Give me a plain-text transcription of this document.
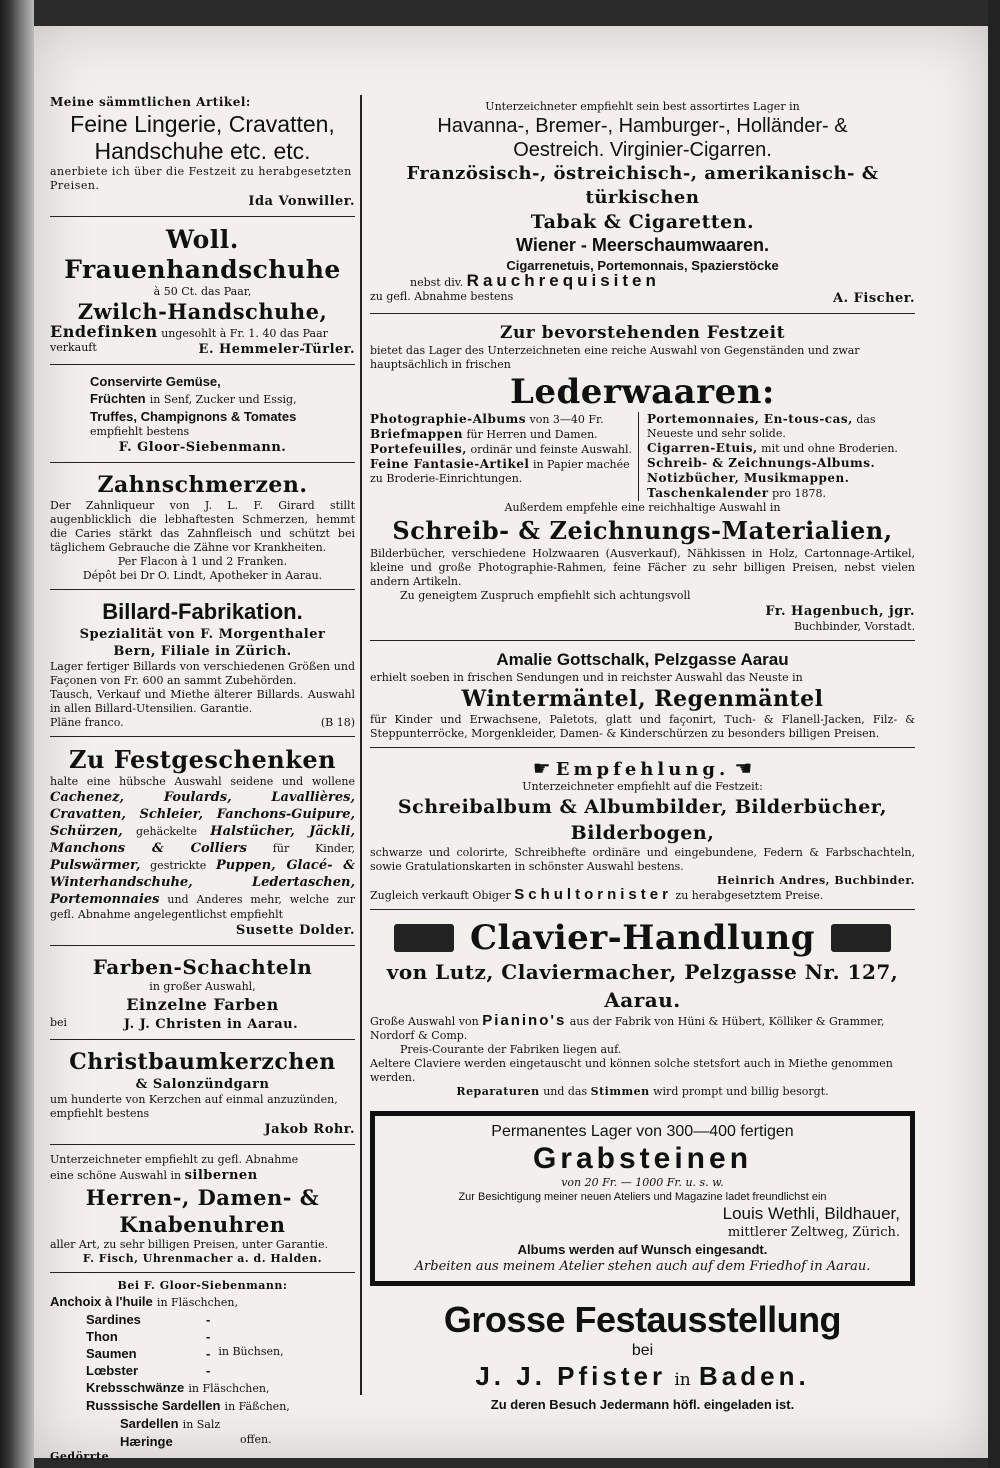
Meine sämmtlichen Artikel:
Feine Lingerie, Cravatten,
Handschuhe etc. etc.
anerbiete ich über die Festzeit zu herabgesetzten Preisen.
Ida Vonwiller.
Woll. Frauenhandschuhe
à 50 Ct. das Paar,
Zwilch-Handschuhe,
Endefinken ungesohlt à Fr. 1. 40 das Paar
verkauft	E. Hemmeler-Türler.
Conservirte Gemüse,
Früchten in Senf, Zucker und Essig,
Truffes, Champignons & Tomates
empfiehlt bestens
F. Gloor-Siebenmann.
Zahnschmerzen.
Der Zahnliqueur von J. L. F. Girard stillt augenblicklich die lebhaftesten Schmerzen, hemmt die Caries stärkt das Zahnfleisch und schützt bei täglichem Gebrauche die Zähne vor Krankheiten.
Per Flacon à 1 und 2 Franken.
Dépôt bei Dr O. Lindt, Apotheker in Aarau.
Billard-Fabrikation.
Spezialität von F. Morgenthaler
Bern, Filiale in Zürich.
Lager fertiger Billards von verschiedenen Größen und Façonen von Fr. 600 an sammt Zubehörden.
Tausch, Verkauf und Miethe älterer Billards. Auswahl in allen Billard-Utensilien. Garantie.
Pläne franco.	(B 18)
Zu Festgeschenken
halte eine hübsche Auswahl seidene und wollene Cachenez, Foulards, Lavallières, Cravatten, Schleier, Fanchons-Guipure, Schürzen, gehäckelte Halstücher, Jäckli, Manchons & Colliers für Kinder, Pulswärmer, gestrickte Puppen, Glacé- & Winterhandschuhe, Ledertaschen, Portemonnaies und Anderes mehr, welche zur gefl. Abnahme angelegentlichst empfiehlt
Susette Dolder.
Farben-Schachteln
in großer Auswahl,
Einzelne Farben
bei	J. J. Christen in Aarau.
Christbaumkerzchen
& Salonzündgarn
um hunderte von Kerzchen auf einmal anzuzünden, empfiehlt bestens
Jakob Rohr.
Unterzeichneter empfiehlt zu gefl. Abnahme
eine schöne Auswahl in silbernen
Herren-, Damen- & Knabenuhren
aller Art, zu sehr billigen Preisen, unter Garantie.
F. Fisch, Uhrenmacher a. d. Halden.
Bei F. Gloor-Siebenmann:
Anchoix à l'huile in Fläschchen,
Sardines	-
Thon	-
Saumen	- in Büchsen,
Lœbster	-
Krebsschwänze in Fläschchen,
Russsische Sardellen in Fäßchen,
Sardellen in Salz
Hæringe	offen.
Gedörrte
Unterzeichneter empfiehlt sein best assortirtes Lager in
Havanna-, Bremer-, Hamburger-, Holländer- &
Oestreich. Virginier-Cigarren.
Französisch-, östreichisch-, amerikanisch- & türkischen
Tabak & Cigaretten.
Wiener - Meerschaumwaaren.
Cigarrenetuis, Portemonnais, Spazierstöcke
nebst div. Rauchrequisiten
zu gefl. Abnahme bestens	A. Fischer.
Zur bevorstehenden Festzeit
bietet das Lager des Unterzeichneten eine reiche Auswahl von Gegenständen und zwar hauptsächlich in frischen
Lederwaaren:
Photographie-Albums von 3—40 Fr.
Briefmappen für Herren und Damen.
Portefeuilles, ordinär und feinste Auswahl.
Feine Fantasie-Artikel in Papier machée zu Broderie-Einrichtungen.
Portemonnaies, En-tous-cas, das Neueste und sehr solide.
Cigarren-Etuis, mit und ohne Broderien.
Schreib- & Zeichnungs-Albums.
Notizbücher, Musikmappen.
Taschenkalender pro 1878.
Außerdem empfehle eine reichhaltige Auswahl in
Schreib- & Zeichnungs-Materialien,
Bilderbücher, verschiedene Holzwaaren (Ausverkauf), Nähkissen in Holz, Cartonnage-Artikel, kleine und große Photographie-Rahmen, feine Fächer zu sehr billigen Preisen, nebst vielen andern Artikeln.
Zu geneigtem Zuspruch empfiehlt sich achtungsvoll
Fr. Hagenbuch, jgr.
Buchbinder, Vorstadt.
Amalie Gottschalk, Pelzgasse Aarau
erhielt soeben in frischen Sendungen und in reichster Auswahl das Neuste in
Wintermäntel, Regenmäntel
für Kinder und Erwachsene, Paletots, glatt und façonirt, Tuch- & Flanell-Jacken, Filz- & Steppunterröcke, Morgenkleider, Damen- & Kinderschürzen zu besonders billigen Preisen.
☛ Empfehlung. ☚
Unterzeichneter empfiehlt auf die Festzeit:
Schreibalbum & Albumbilder, Bilderbücher, Bilderbogen,
schwarze und colorirte, Schreibhefte ordinäre und eingebundene, Federn & Farbschachteln, sowie Gratulationskarten in schönster Auswahl bestens.
Heinrich Andres, Buchbinder.
Zugleich verkauft Obiger Schultornister zu herabgesetztem Preise.
Clavier-Handlung
von Lutz, Claviermacher, Pelzgasse Nr. 127, Aarau.
Große Auswahl von Pianino's aus der Fabrik von Hüni & Hübert, Kölliker & Grammer, Nordorf & Comp.
Preis-Courante der Fabriken liegen auf.
Aeltere Claviere werden eingetauscht und können solche stetsfort auch in Miethe genommen werden.
Reparaturen und das Stimmen wird prompt und billig besorgt.
Permanentes Lager von 300—400 fertigen
Grabsteinen
von 20 Fr. — 1000 Fr. u. s. w.
Zur Besichtigung meiner neuen Ateliers und Magazine ladet freundlichst ein
Louis Wethli, Bildhauer,
mittlerer Zeltweg, Zürich.
Albums werden auf Wunsch eingesandt.
Arbeiten aus meinem Atelier stehen auch auf dem Friedhof in Aarau.
Grosse Festausstellung
bei
J. J. Pfister in Baden.
Zu deren Besuch Jedermann höfl. eingeladen ist.
